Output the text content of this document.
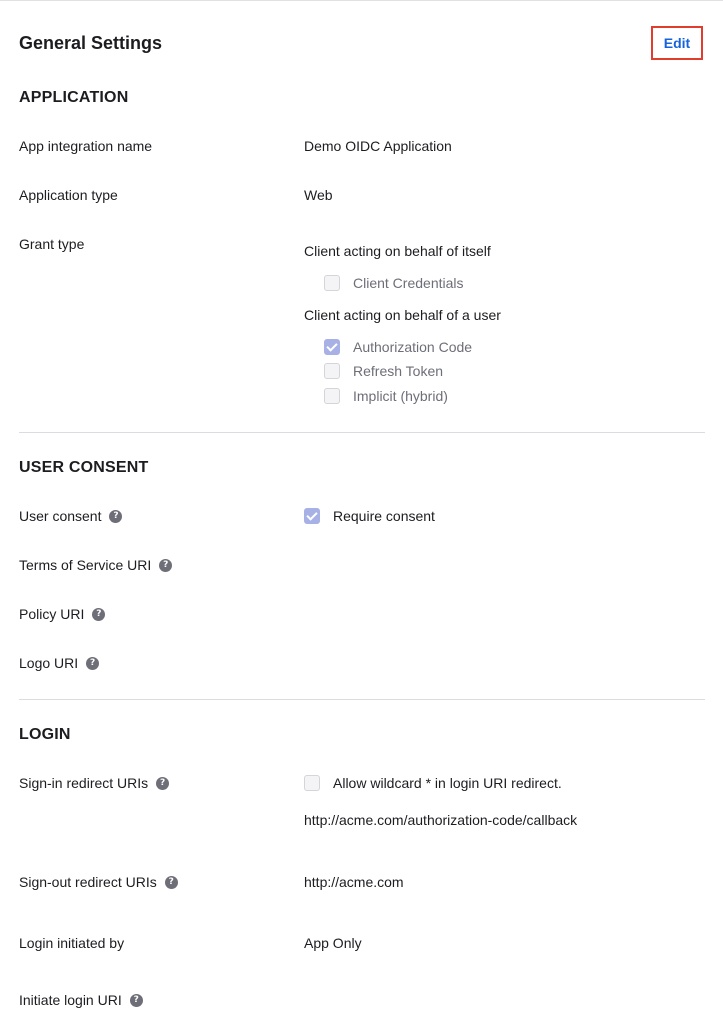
General Settings	Edit
APPLICATION
App integration name	Demo OIDC Application
Application type	Web
Grant type	Client acting on behalf of itself
Client Credentials
Client acting on behalf of a user
Authorization Code
Refresh Token
Implicit (hybrid)
USER CONSENT
User consent	?	Require consent
Terms of Service URI	?
Policy URI	?
Logo URI	?
LOGIN
Sign-in redirect URIs	?	Allow wildcard * in login URI redirect.
http://acme.com/authorization-code/callback
Sign-out redirect URIs	?	http://acme.com
Login initiated by	App Only
Initiate login URI	?
